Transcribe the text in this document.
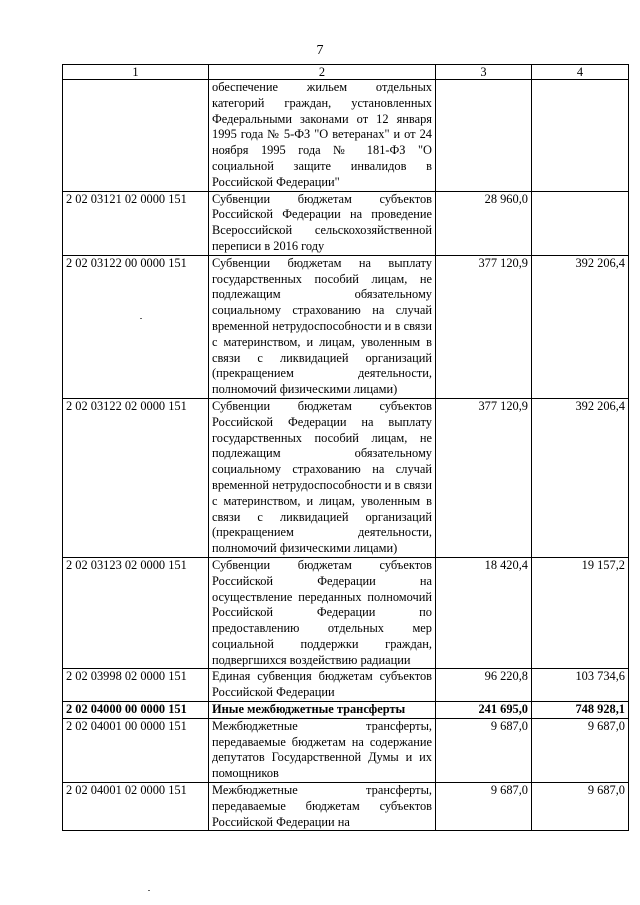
7
1	2	3	4
	обеспечение жильем отдельных категорий граждан, установленных Федеральными законами от 12 января 1995 года № 5-ФЗ "О ветеранах" и от 24 ноября 1995 года № 181-ФЗ "О социальной защите инвалидов в Российской Федерации"		
2 02 03121 02 0000 151	Субвенции бюджетам субъектов Российской Федерации на проведение Всероссийской сельскохозяйственной переписи в 2016 году	28 960,0	
2 02 03122 00 0000 151	Субвенции бюджетам на выплату государственных пособий лицам, не подлежащим обязательному социальному страхованию на случай временной нетрудоспособности и в связи с материнством, и лицам, уволенным в связи с ликвидацией организаций (прекращением деятельности, полномочий физическими лицами)	377 120,9	392 206,4
2 02 03122 02 0000 151	Субвенции бюджетам субъектов Российской Федерации на выплату государственных пособий лицам, не подлежащим обязательному социальному страхованию на случай временной нетрудоспособности и в связи с материнством, и лицам, уволенным в связи с ликвидацией организаций (прекращением деятельности, полномочий физическими лицами)	377 120,9	392 206,4
2 02 03123 02 0000 151	Субвенции бюджетам субъектов Российской Федерации на осуществление переданных полномочий Российской Федерации по предоставлению отдельных мер социальной поддержки граждан, подвергшихся воздействию радиации	18 420,4	19 157,2
2 02 03998 02 0000 151	Единая субвенция бюджетам субъектов Российской Федерации	96 220,8	103 734,6
2 02 04000 00 0000 151	Иные межбюджетные трансферты	241 695,0	748 928,1
2 02 04001 00 0000 151	Межбюджетные трансферты, передаваемые бюджетам на содержание депутатов Государственной Думы и их помощников	9 687,0	9 687,0
2 02 04001 02 0000 151	Межбюджетные трансферты, передаваемые бюджетам субъектов Российской Федерации на	9 687,0	9 687,0
